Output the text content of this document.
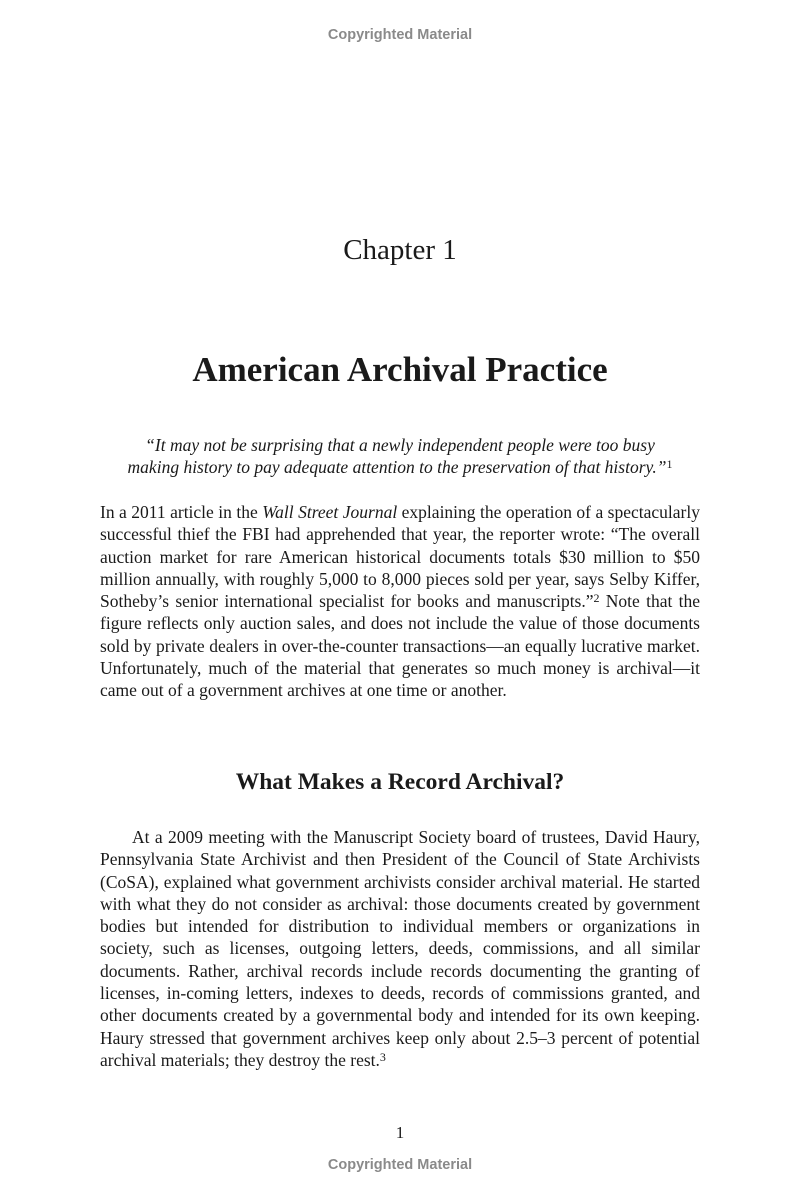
Copyrighted Material
Chapter 1
American Archival Practice
“It may not be surprising that a newly independent people were too busy
making history to pay adequate attention to the preservation of that history.”$^1$

In a 2011 article in the Wall Street Journal explaining the operation of a spectacularly successful thief the FBI had apprehended that year, the reporter wrote: “The overall auction market for rare American historical documents totals $30 million to $50 million annually, with roughly 5,000 to 8,000 pieces sold per year, says Selby Kiffer, Sotheby’s senior international specialist for books and manuscripts.”$^2$ Note that the figure reflects only auction sales, and does not include the value of those documents sold by private dealers in over-the-counter transactions—an equally lucrative market. Unfortunately, much of the material that generates so much money is archival—it came out of a government archives at one time or another.

What Makes a Record Archival?

At a 2009 meeting with the Manuscript Society board of trustees, David Haury, Pennsylvania State Archivist and then President of the Council of State Archivists (CoSA), explained what government archivists consider archival material. He started with what they do not consider as archival: those documents created by government bodies but intended for distribution to individual members or organizations in society, such as licenses, outgoing letters, deeds, commissions, and all similar documents. Rather, archival records include records documenting the granting of licenses, in-coming letters, indexes to deeds, records of commissions granted, and other documents created by a governmental body and intended for its own keeping. Haury stressed that government archives keep only about 2.5–3 percent of potential archival materials; they destroy the rest.$^3$

1
Copyrighted Material
